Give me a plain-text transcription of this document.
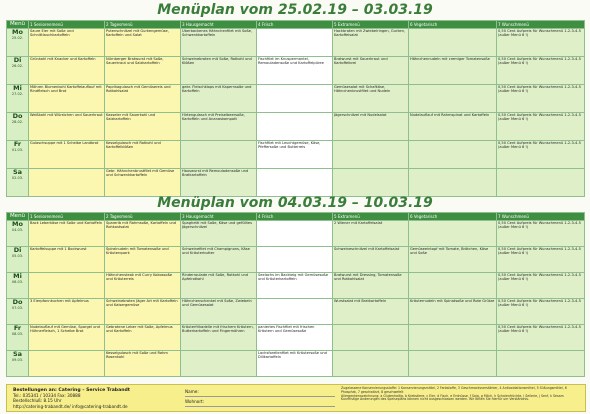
Menüplan vom 25.02.19 – 03.03.19
Menü	1 Seniorenmenü	2 Tagesmenü	3 Hausgemacht	4 Frisch	5 Extramenü	6 Vegetarisch	7 Wunschmenü
Mo
25.02.	Saure Eier mit Soße und Schnittlauchkartoffeln	Putenschnitzel mit Gurkengemüse, Kartoffeln und Salat	Überbackenes Hähnchenfilet mit Soße, Schwenkkartoffeln		Hackbraten mit Zwiebelringen, Gurken, Kartoffelsalat		0,50 Cent Aufpreis für Wunschmenü 1-2-3-4-5 (außer Menü 6 !)
Di
26.02.	Grünkohl mit Knacker und Kartoffeln	Nürnberger Bratwurst mit Soße, Sauerkraut und Salzkartoffeln	Schweinebraten mit Soße, Rotkohl und Klößen	Fischfilet im Knuspermantel, Remouladensoße und Kartoffelpüree	Bratwurst mit Sauerkraut und Kartoffelbrei	Hähnchennudeln mit cremiger Tomatensoße	0,50 Cent Aufpreis für Wunschmenü 1-2-3-4-5 (außer Menü 6 !)
Mi
27.02.	Möhren Blumenkohl Kartoffelauflauf mit Rindfleisch und Brot	Paprikagulasch mit Gemüsereis und Rotkohlsalat	gebr. Fleischklops mit Kapernsoße und Kartoffeln		Gemüsesalat mit Schafkäse, Hähnchenbrustfilet und Nudeln		0,50 Cent Aufpreis für Wunschmenü 1-2-3-4-5 (außer Menü 6 !)
Do
28.02.	Weißkohl mit Würstchen und Sauerkraut	Kasseler mit Sauerkohl und Salzkartoffeln	Hirtengulasch mit Preiselbeersoße, Kartoffeln und Ananaskompott		Jägerschnitzel mit Nudelsalat	Nudelauflauf mit Rahmspinat und Kartoffeln	0,50 Cent Aufpreis für Wunschmenü 1-2-3-4-5 (außer Menü 6 !)
Fr
01.03.	Gulaschsuppe mit 1 Scheibe Landbrot	Kesselgulasch mit Rotkohl und Kartoffelklößen		Fischfilet mit Leuchtgemüse, Käse, Pfeffersoße und Butterreis			0,50 Cent Aufpreis für Wunschmenü 1-2-3-4-5 (außer Menü 6 !)
Sa
02.03.		Gebr. Hähnchenbrustfilet mit Gemüse und Schwenkkartoffeln	Hauswurst mit Remouladensoße und Bratkartoffeln				
Menüplan vom 04.03.19 – 10.03.19
Menü	1 Seniorenmenü	2 Tagesmenü	3 Hausgemacht	4 Frisch	5 Extramenü	6 Vegetarisch	7 Wunschmenü
Mo
04.03.	Back Leberkäse mit Soße und Kartoffeln	Sparerib mit Rahmsoße, Kartoffeln und Rohkostsalat	Spaghetti mit Soße, Käse und gefülltes Jägerschnitzel		2 Wiener mit Kartoffelsalat		0,50 Cent Aufpreis für Wunschmenü 1-2-3-4-5 (außer Menü 6 !)
Di
05.03.	Kartoffelsuppe mit 1 Bockwurst	Spiralnudeln mit Tomatensoße und Kräuterquark	Schweinefilet mit Champignons, Käse und Kräuterbutter		Schweineschnitzel mit Kartoffelsalat	Gemüseeintopf mit Tomate, Brötchen, Käse und Soße	0,50 Cent Aufpreis für Wunschmenü 1-2-3-4-5 (außer Menü 6 !)
Mi
06.03.		Hähnchensteak mit Curry Kokossoße und Kräuterreis	Rinderroulade mit Soße, Rotkohl und Apfelrotkohl	Seelachs im Backteig mit Gemüsesoße und Kräuterkartoffeln	Bratwurst mit Dressing, Tomatensoße und Rotkohlsalat		0,50 Cent Aufpreis für Wunschmenü 1-2-3-4-5 (außer Menü 6 !)
Do
07.03.	3 Eierpfannkuchen mit Apfelmus	Schweinebraten Jäger Art mit Kartoffeln und Kaisergemüse	Hähnchenschenkel mit Soße, Zwiebeln und Gemüsesalat		Wurstsalat mit Bratkartoffeln	Kräuternudeln mit Spinatsoße und Rote Grütze	0,50 Cent Aufpreis für Wunschmenü 1-2-3-4-5 (außer Menü 6 !)
Fr
08.03.	Nudelauflauf mit Gemüse, Spargel und Hühnerfleisch, 1 Scheibe Brot	Gebratene Leber mit Soße, Apfelmus und Kartoffeln	Kräuterfrikadelle mit frischem Kräutern, Butterkartoffeln und Fingermöhren	paniertes Fischfilet mit frischen Kräutern und Gemüsesoße			0,50 Cent Aufpreis für Wunschmenü 1-2-3-4-5 (außer Menü 6 !)
Sa
09.03.		Kesselgulasch mit Soße und Rahm Rosenkohl		Lachsforellenfilet mit Kräutersoße und Dillkartoffeln			
Bestellungen an: Catering – Service Trabandt
Tel.: 035341 / 10334 Fax: 30888
Bestellschluß: 8.15 Uhr
http://catering-trabandt.de/ info@catering-trabandt.de
Name:
Wohnort:
Zugelassene Konservierungsstoffe: 1 Konservierungsmittel, 2 Farbstoffe, 3 Geschmacksverstärker, 4 Antioxidationsmittel, 5 Süßungsmittel, 6 Phosphat, 7 geschwärzt, 8 geschwefelt
Allergenkennzeichnung: a Glutenhaltig, b Krebstiere, c Eier, d Fisch, e Erdnüsse, f Soja, g Milch, h Schalenfrüchte, i Sellerie, j Senf, k Sesam
Kurzfristige Änderungen des Speiseplans können nicht ausgeschlossen werden. Wir bitten Sie hierfür um Verständnis.
